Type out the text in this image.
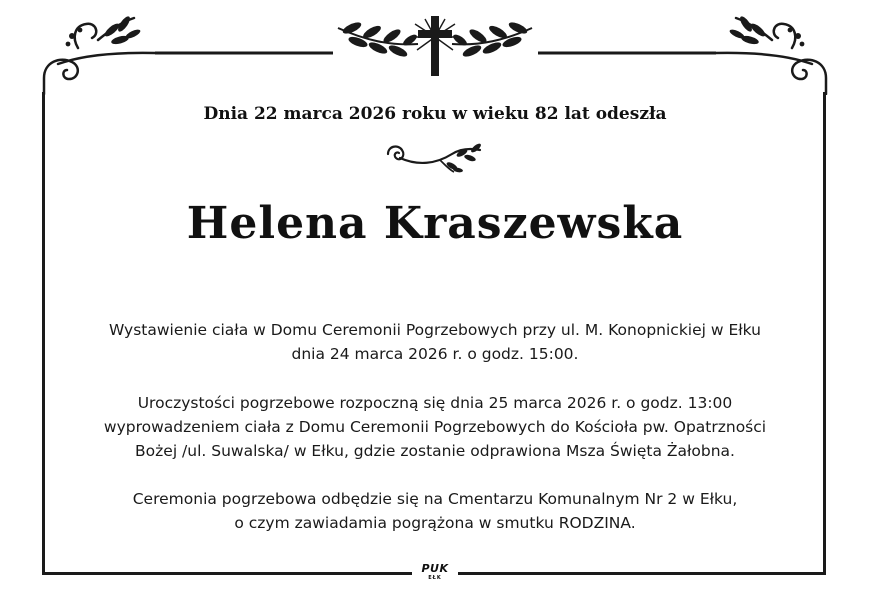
PUK
EŁK
Dnia 22 marca 2026 roku w wieku 82 lat odeszła
Helena Kraszewska
Wystawienie ciała w Domu Ceremonii Pogrzebowych przy ul. M. Konopnickiej w Ełku
dnia 24 marca 2026 r. o godz. 15:00.
Uroczystości pogrzebowe rozpoczną się dnia 25 marca 2026 r. o godz. 13:00
wyprowadzeniem ciała z Domu Ceremonii Pogrzebowych do Kościoła pw. Opatrzności
Bożej /ul. Suwalska/ w Ełku, gdzie zostanie odprawiona Msza Święta Żałobna.
Ceremonia pogrzebowa odbędzie się na Cmentarzu Komunalnym Nr 2 w Ełku,
o czym zawiadamia pogrążona w smutku RODZINA.
